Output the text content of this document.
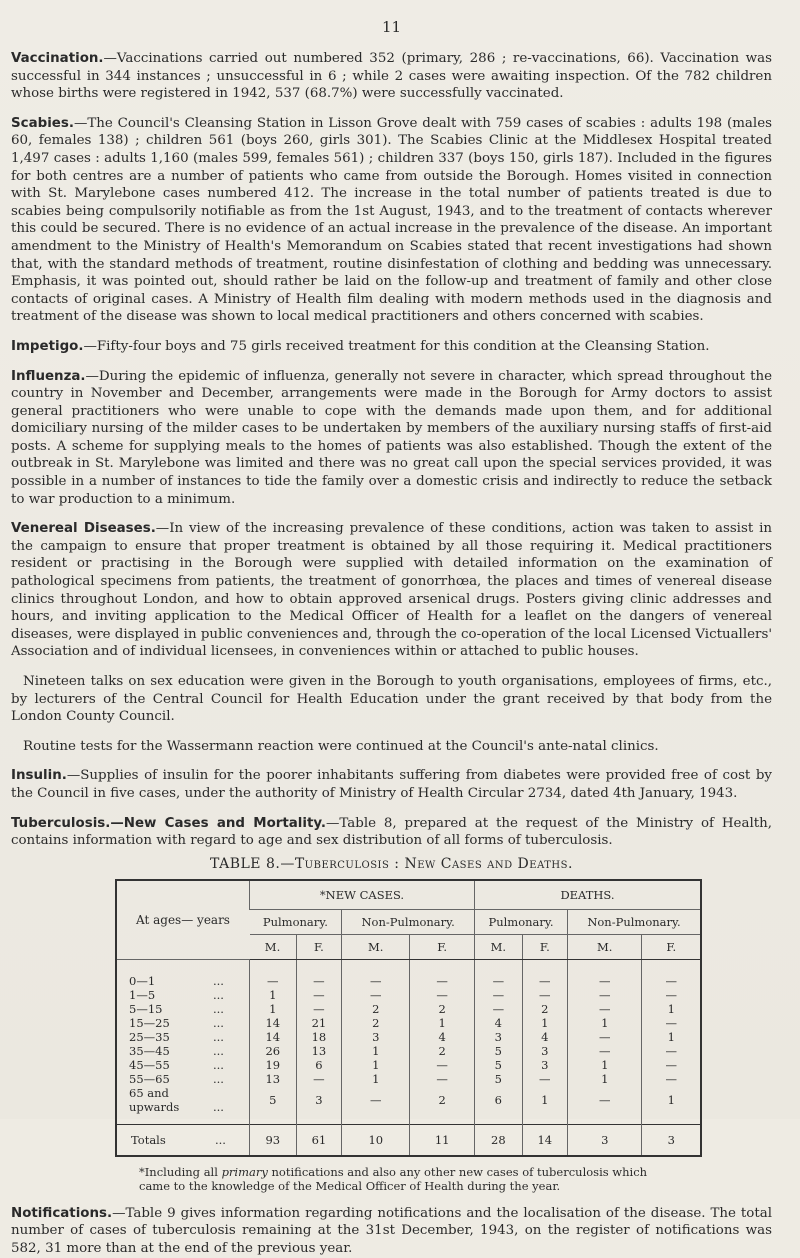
11

Vaccination.—Vaccinations carried out numbered 352 (primary, 286 ; re-vaccinations, 66). Vaccination was successful in 344 instances ; unsuccessful in 6 ; while 2 cases were awaiting inspection. Of the 782 children whose births were registered in 1942, 537 (68.7%) were successfully vaccinated.

Scabies.—The Council's Cleansing Station in Lisson Grove dealt with 759 cases of scabies : adults 198 (males 60, females 138) ; children 561 (boys 260, girls 301). The Scabies Clinic at the Middlesex Hospital treated 1,497 cases : adults 1,160 (males 599, females 561) ; children 337 (boys 150, girls 187). Included in the figures for both centres are a number of patients who came from outside the Borough. Homes visited in connection with St. Marylebone cases numbered 412. The increase in the total number of patients treated is due to scabies being compulsorily notifiable as from the 1st August, 1943, and to the treatment of contacts wherever this could be secured. There is no evidence of an actual increase in the prevalence of the disease. An important amendment to the Ministry of Health's Memorandum on Scabies stated that recent investigations had shown that, with the standard methods of treatment, routine disinfestation of clothing and bedding was unnecessary. Emphasis, it was pointed out, should rather be laid on the follow-up and treatment of family and other close contacts of original cases. A Ministry of Health film dealing with modern methods used in the diagnosis and treatment of the disease was shown to local medical practitioners and others concerned with scabies.

Impetigo.—Fifty-four boys and 75 girls received treatment for this condition at the Cleansing Station.

Influenza.—During the epidemic of influenza, generally not severe in character, which spread throughout the country in November and December, arrangements were made in the Borough for Army doctors to assist general practitioners who were unable to cope with the demands made upon them, and for additional domiciliary nursing of the milder cases to be undertaken by members of the auxiliary nursing staffs of first-aid posts. A scheme for supplying meals to the homes of patients was also established. Though the extent of the outbreak in St. Marylebone was limited and there was no great call upon the special services provided, it was possible in a number of instances to tide the family over a domestic crisis and indirectly to reduce the setback to war production to a minimum.

Venereal Diseases.—In view of the increasing prevalence of these conditions, action was taken to assist in the campaign to ensure that proper treatment is obtained by all those requiring it. Medical practitioners resident or practising in the Borough were supplied with detailed information on the examination of pathological specimens from patients, the treatment of gonorrhœa, the places and times of venereal disease clinics throughout London, and how to obtain approved arsenical drugs. Posters giving clinic addresses and hours, and inviting application to the Medical Officer of Health for a leaflet on the dangers of venereal diseases, were displayed in public conveniences and, through the co-operation of the local Licensed Victuallers' Association and of individual licensees, in conveniences within or attached to public houses.

Nineteen talks on sex education were given in the Borough to youth organisations, employees of firms, etc., by lecturers of the Central Council for Health Education under the grant received by that body from the London County Council.

Routine tests for the Wassermann reaction were continued at the Council's ante-natal clinics.

Insulin.—Supplies of insulin for the poorer inhabitants suffering from diabetes were provided free of cost by the Council in five cases, under the authority of Ministry of Health Circular 2734, dated 4th January, 1943.

Tuberculosis.—New Cases and Mortality.—Table 8, prepared at the request of the Ministry of Health, contains information with regard to age and sex distribution of all forms of tuberculosis.

TABLE 8.—Tuberculosis : New Cases and Deaths.
At ages— years	*NEW CASES.				DEATHS.			
	Pulmonary.		Non-Pulmonary.		Pulmonary.		Non-Pulmonary.	
	M.	F.	M.	F.	M.	F.	M.	F.
0—1 ...	—	—	—	—	—	—	—	—
1—5 ...	1	—	—	—	—	—	—	—
5—15 ...	1	—	2	2	—	2	—	1
15—25 ...	14	21	2	1	4	1	1	—
25—35 ...	14	18	3	4	3	4	—	1
35—45 ...	26	13	1	2	5	3	—	—
45—55 ...	19	6	1	—	5	3	1	—
55—65 ...	13	—	1	—	5	—	1	—
65 and upwards ...	5	3	—	2	6	1	—	1
Totals ...	93	61	10	11	28	14	3	3
*Including all primary notifications and also any other new cases of tuberculosis which came to the knowledge of the Medical Officer of Health during the year.

Notifications.—Table 9 gives information regarding notifications and the localisation of the disease. The total number of cases of tuberculosis remaining at the 31st December, 1943, on the register of notifications was 582, 31 more than at the end of the previous year.
